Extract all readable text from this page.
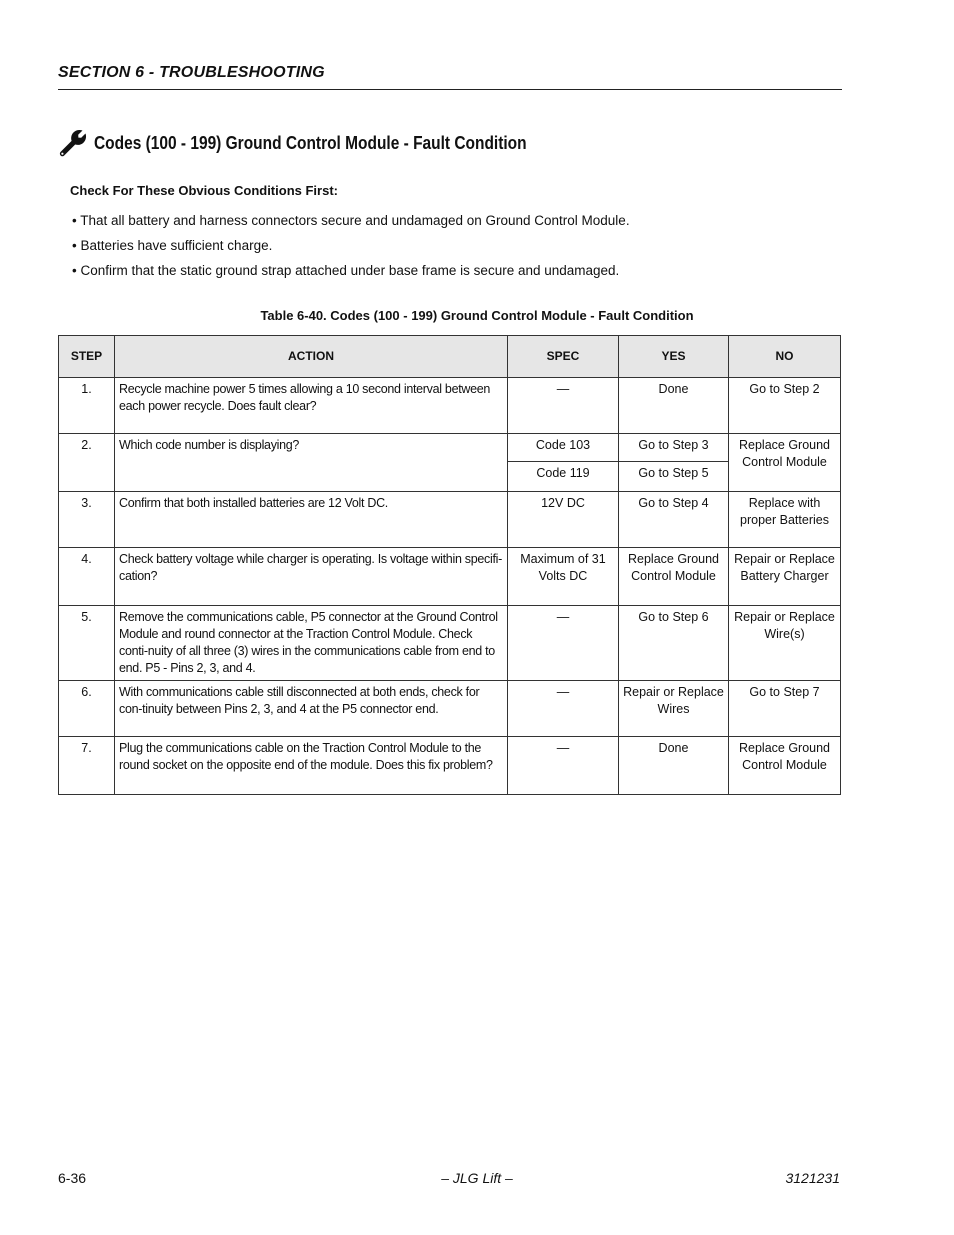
SECTION 6 - TROUBLESHOOTING
Codes (100 - 199) Ground Control Module - Fault Condition
Check For These Obvious Conditions First:
• That all battery and harness connectors secure and undamaged on Ground Control Module.
• Batteries have sufficient charge.
• Confirm that the static ground strap attached under base frame is secure and undamaged.
Table 6-40. Codes (100 - 199) Ground Control Module - Fault Condition
STEP	ACTION	SPEC	YES	NO
1.	Recycle machine power 5 times allowing a 10 second interval between each power recycle. Does fault clear?	—	Done	Go to Step 2
2.	Which code number is displaying?	Code 103	Go to Step 3	Replace Ground Control Module
		Code 119	Go to Step 5	
3.	Confirm that both installed batteries are 12 Volt DC.	12V DC	Go to Step 4	Replace with proper Batteries
4.	Check battery voltage while charger is operating. Is voltage within specifi-cation?	Maximum of 31 Volts DC	Replace Ground Control Module	Repair or Replace Battery Charger
5.	Remove the communications cable, P5 connector at the Ground Control Module and round connector at the Traction Control Module. Check conti-nuity of all three (3) wires in the communications cable from end to end. P5 - Pins 2, 3, and 4.	—	Go to Step 6	Repair or Replace Wire(s)
6.	With communications cable still disconnected at both ends, check for con-tinuity between Pins 2, 3, and 4 at the P5 connector end.	—	Repair or Replace Wires	Go to Step 7
7.	Plug the communications cable on the Traction Control Module to the round socket on the opposite end of the module. Does this fix problem?	—	Done	Replace Ground Control Module
6-36	– JLG Lift –	3121231
